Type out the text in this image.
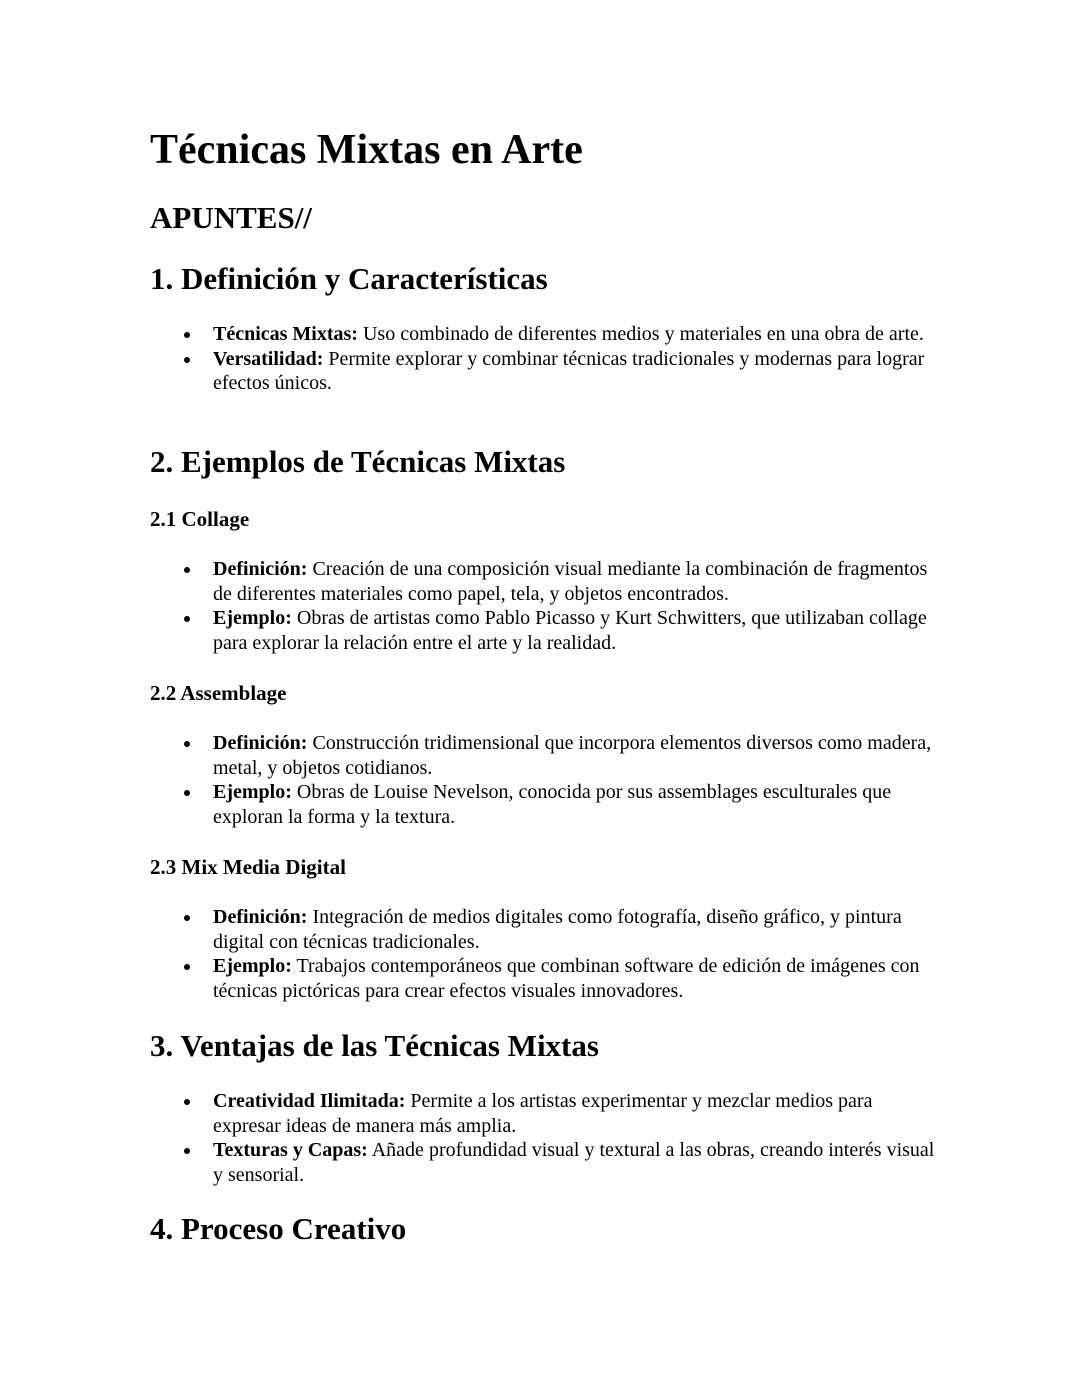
Técnicas Mixtas en Arte
APUNTES//
1. Definición y Características
Técnicas Mixtas: Uso combinado de diferentes medios y materiales en una obra de arte.
Versatilidad: Permite explorar y combinar técnicas tradicionales y modernas para lograr efectos únicos.
2. Ejemplos de Técnicas Mixtas
2.1 Collage
Definición: Creación de una composición visual mediante la combinación de fragmentos de diferentes materiales como papel, tela, y objetos encontrados.
Ejemplo: Obras de artistas como Pablo Picasso y Kurt Schwitters, que utilizaban collage para explorar la relación entre el arte y la realidad.
2.2 Assemblage
Definición: Construcción tridimensional que incorpora elementos diversos como madera, metal, y objetos cotidianos.
Ejemplo: Obras de Louise Nevelson, conocida por sus assemblages esculturales que exploran la forma y la textura.
2.3 Mix Media Digital
Definición: Integración de medios digitales como fotografía, diseño gráfico, y pintura digital con técnicas tradicionales.
Ejemplo: Trabajos contemporáneos que combinan software de edición de imágenes con técnicas pictóricas para crear efectos visuales innovadores.
3. Ventajas de las Técnicas Mixtas
Creatividad Ilimitada: Permite a los artistas experimentar y mezclar medios para expresar ideas de manera más amplia.
Texturas y Capas: Añade profundidad visual y textural a las obras, creando interés visual y sensorial.
4. Proceso Creativo
